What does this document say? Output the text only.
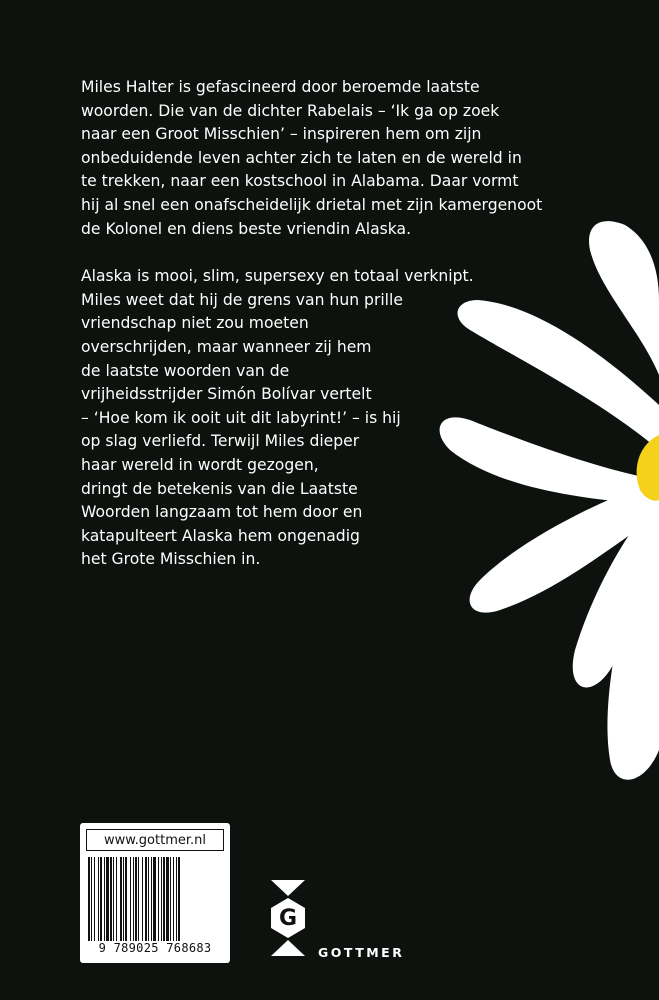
Miles Halter is gefascineerd door beroemde laatste
woorden. Die van de dichter Rabelais – ‘Ik ga op zoek
naar een Groot Misschien’ – inspireren hem om zijn
onbeduidende leven achter zich te laten en de wereld in
te trekken, naar een kostschool in Alabama. Daar vormt
hij al snel een onafscheidelijk drietal met zijn kamergenoot
de Kolonel en diens beste vriendin Alaska.

Alaska is mooi, slim, supersexy en totaal verknipt.
Miles weet dat hij de grens van hun prille
vriendschap niet zou moeten
overschrijden, maar wanneer zij hem
de laatste woorden van de
vrijheidsstrijder Simón Bolívar vertelt
– ‘Hoe kom ik ooit uit dit labyrint!’ – is hij
op slag verliefd. Terwijl Miles dieper
haar wereld in wordt gezogen,
dringt de betekenis van die Laatste
Woorden langzaam tot hem door en
katapulteert Alaska hem ongenadig
het Grote Misschien in.

www.gottmer.nl
9 789025 768683
G
GOTTMER
